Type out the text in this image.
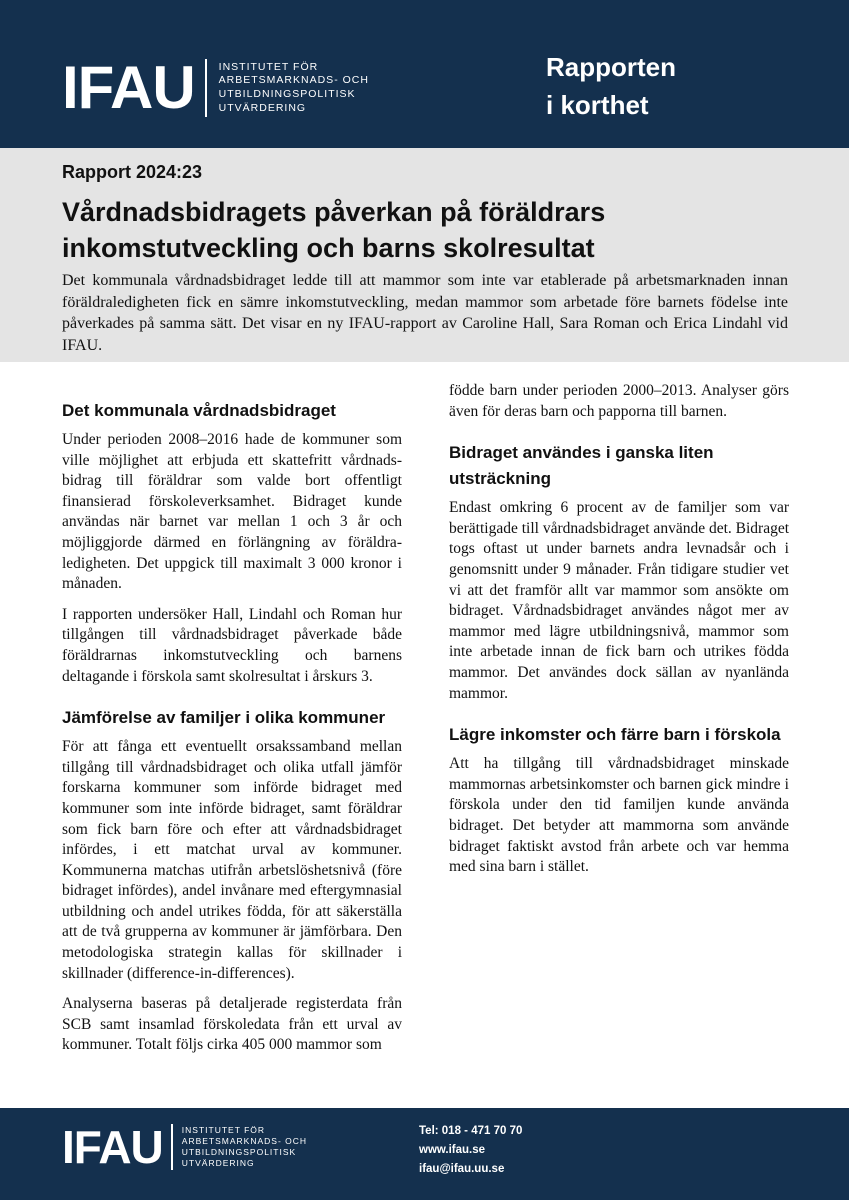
IFAU INSTITUTET FÖR
ARBETSMARKNADS- OCH
UTBILDNINGSPOLITISK
UTVÄRDERING
Rapporten
i korthet
Rapport 2024:23
Vårdnadsbidragets påverkan på föräldrars inkomstutveckling och barns skolresultat

Det kommunala vårdnadsbidraget ledde till att mammor som inte var etablerade på arbetsmarknaden innan föräldraledigheten fick en sämre inkomstutveckling, medan mammor som arbetade före barnets födelse inte påverkades på samma sätt. Det visar en ny IFAU-rapport av Caroline Hall, Sara Roman och Erica Lindahl vid IFAU.

Det kommunala vårdnadsbidraget

Under perioden 2008–2016 hade de kommuner som ville möjlighet att erbjuda ett skattefritt vårdnadsbidrag till föräldrar som valde bort offentligt finansierad förskoleverksamhet. Bidraget kunde användas när barnet var mellan 1 och 3 år och möjliggjorde därmed en förlängning av föräldraledigheten. Det uppgick till maximalt 3 000 kronor i månaden.

I rapporten undersöker Hall, Lindahl och Roman hur tillgången till vårdnadsbidraget påverkade både föräldrarnas inkomstutveckling och barnens deltagande i förskola samt skolresultat i årskurs 3.

Jämförelse av familjer i olika kommuner

För att fånga ett eventuellt orsakssamband mellan tillgång till vårdnadsbidraget och olika utfall jämför forskarna kommuner som införde bidraget med kommuner som inte införde bidraget, samt föräldrar som fick barn före och efter att vårdnadsbidraget infördes, i ett matchat urval av kommuner. Kommunerna matchas utifrån arbetslöshetsnivå (före bidraget infördes), andel invånare med eftergymnasial utbildning och andel utrikes födda, för att säkerställa att de två grupperna av kommuner är jämförbara. Den metodologiska strategin kallas för skillnader i skillnader (difference-in-differences).

Analyserna baseras på detaljerade registerdata från SCB samt insamlad förskoledata från ett urval av kommuner. Totalt följs cirka 405 000 mammor som

födde barn under perioden 2000–2013. Analyser görs även för deras barn och papporna till barnen.

Bidraget användes i ganska liten utsträckning

Endast omkring 6 procent av de familjer som var berättigade till vårdnadsbidraget använde det. Bidraget togs oftast ut under barnets andra levnadsår och i genomsnitt under 9 månader. Från tidigare studier vet vi att det framför allt var mammor som ansökte om bidraget. Vårdnadsbidraget användes något mer av mammor med lägre utbildningsnivå, mammor som inte arbetade innan de fick barn och utrikes födda mammor. Det användes dock sällan av nyanlända mammor.

Lägre inkomster och färre barn i förskola

Att ha tillgång till vårdnadsbidraget minskade mammornas arbetsinkomster och barnen gick mindre i förskola under den tid familjen kunde använda bidraget. Det betyder att mammorna som använde bidraget faktiskt avstod från arbete och var hemma med sina barn i stället.

IFAU INSTITUTET FÖR
ARBETSMARKNADS- OCH
UTBILDNINGSPOLITISK
UTVÄRDERING
Tel: 018 - 471 70 70
www.ifau.se
ifau@ifau.uu.se
